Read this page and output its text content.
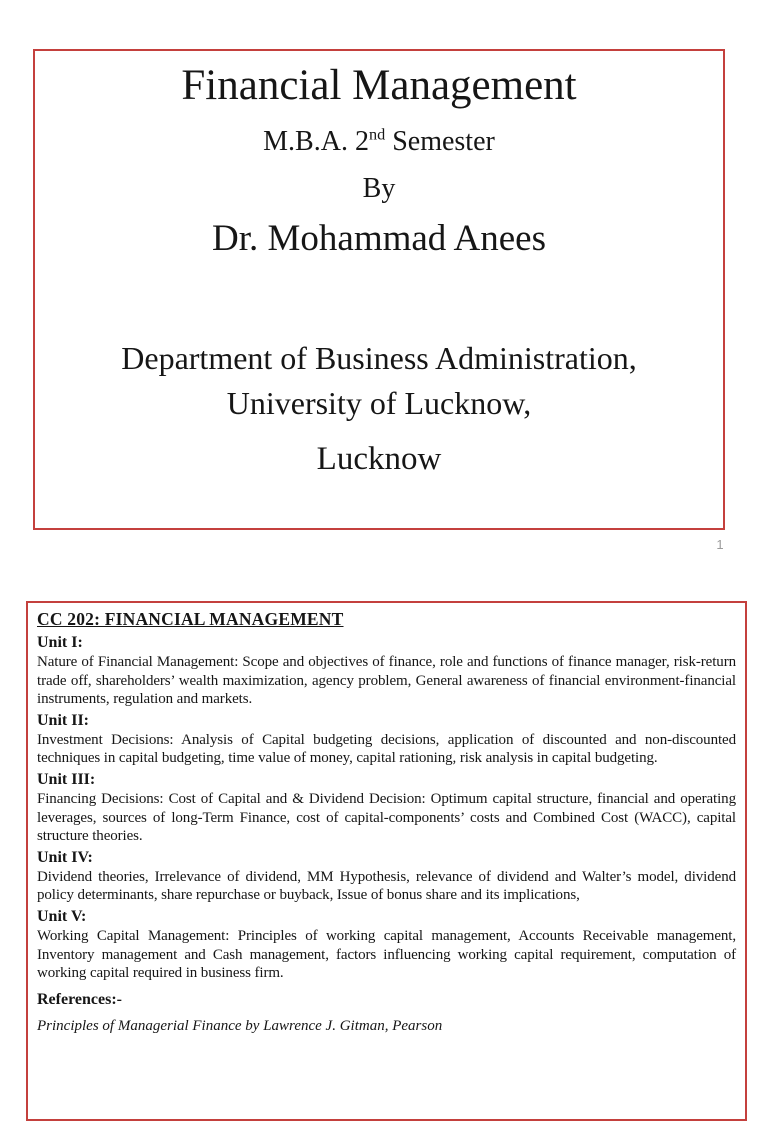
Financial Management

M.B.A. 2nd Semester

By

Dr. Mohammad Anees

Department of Business Administration,

University of Lucknow,

Lucknow

1
CC 202: FINANCIAL MANAGEMENT
Unit I:

Nature of Financial Management: Scope and objectives of finance, role and functions of finance manager, risk-return trade off, shareholders’ wealth maximization, agency problem, General awareness of financial environment-financial instruments, regulation and markets.

Unit II:

Investment Decisions: Analysis of Capital budgeting decisions, application of discounted and non-discounted techniques in capital budgeting, time value of money, capital rationing, risk analysis in capital budgeting.

Unit III:

Financing Decisions: Cost of Capital and & Dividend Decision: Optimum capital structure, financial and operating leverages, sources of long-Term Finance, cost of capital-components’ costs and Combined Cost (WACC), capital structure theories.

Unit IV:

Dividend theories, Irrelevance of dividend, MM Hypothesis, relevance of dividend and Walter’s model, dividend policy determinants, share repurchase or buyback, Issue of bonus share and its implications,

Unit V:

Working Capital Management: Principles of working capital management, Accounts Receivable management, Inventory management and Cash management, factors influencing working capital requirement, computation of working capital required in business firm.

References:-

Principles of Managerial Finance by Lawrence J. Gitman, Pearson
